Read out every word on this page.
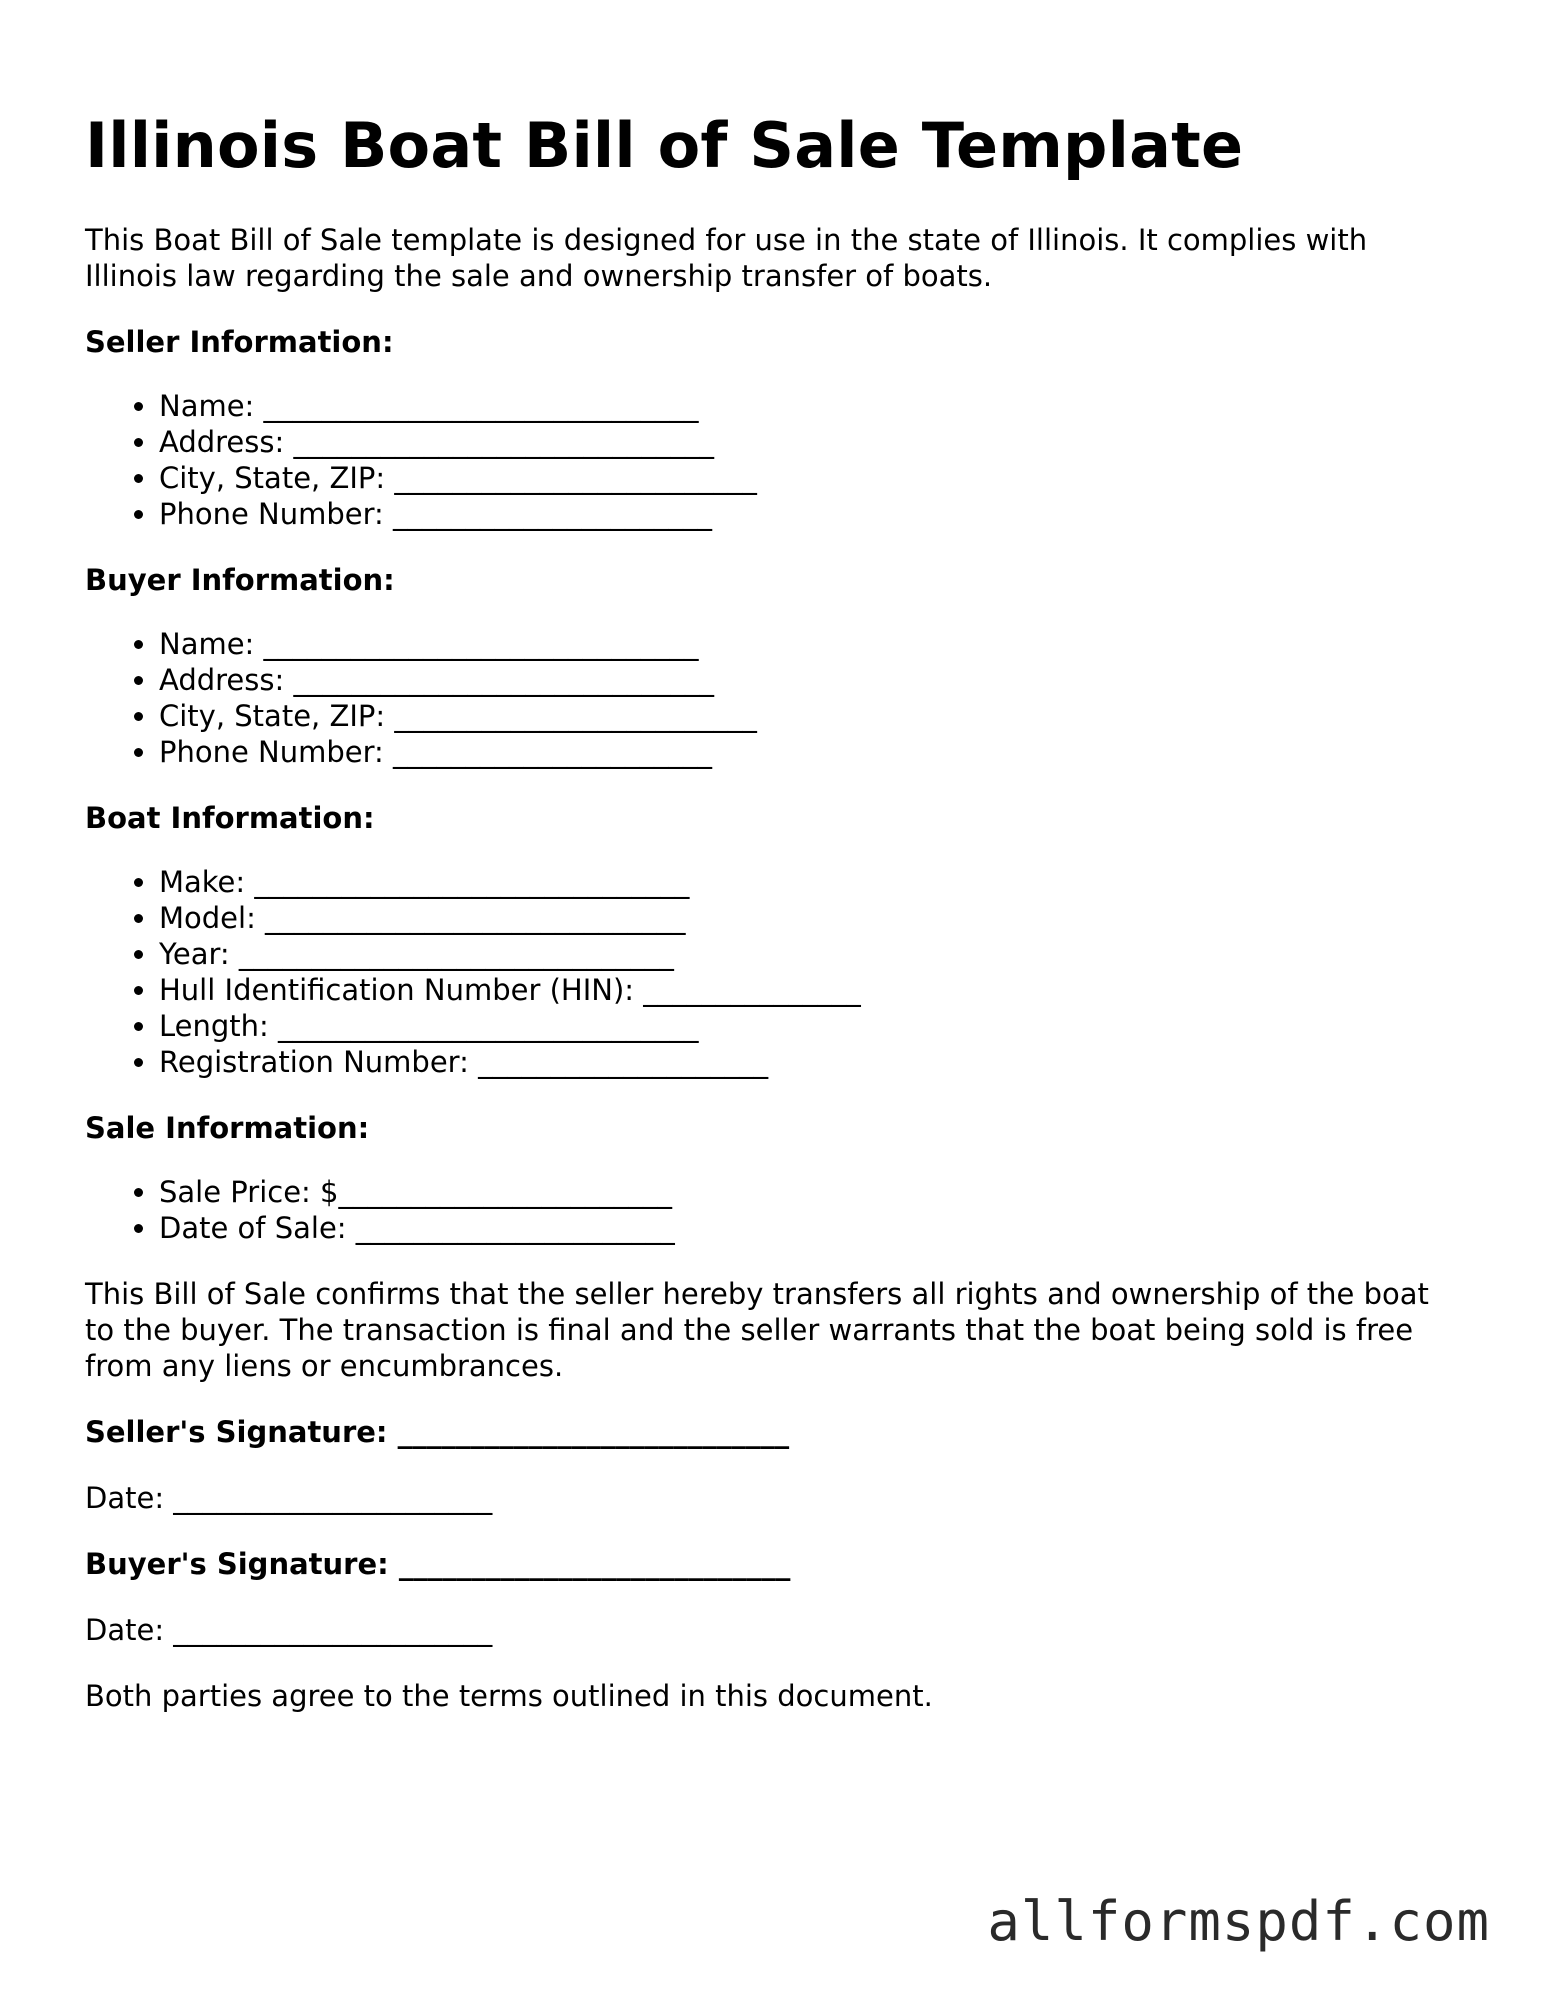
Illinois Boat Bill of Sale Template

This Boat Bill of Sale template is designed for use in the state of Illinois. It complies with Illinois law regarding the sale and ownership transfer of boats.

Seller Information:
• Name: ______________________________
• Address: _____________________________
• City, State, ZIP: _________________________
• Phone Number: ______________________
Buyer Information:
• Name: ______________________________
• Address: _____________________________
• City, State, ZIP: _________________________
• Phone Number: ______________________
Boat Information:
• Make: ______________________________
• Model: _____________________________
• Year: ______________________________
• Hull Identification Number (HIN): _______________
• Length: _____________________________
• Registration Number: ____________________
Sale Information:
• Sale Price: $_______________________
• Date of Sale: ______________________

This Bill of Sale confirms that the seller hereby transfers all rights and ownership of the boat to the buyer. The transaction is final and the seller warrants that the boat being sold is free from any liens or encumbrances.

Seller's Signature: ___________________________
Date: ______________________
Buyer's Signature: ___________________________
Date: ______________________

Both parties agree to the terms outlined in this document.

allformspdf.com
